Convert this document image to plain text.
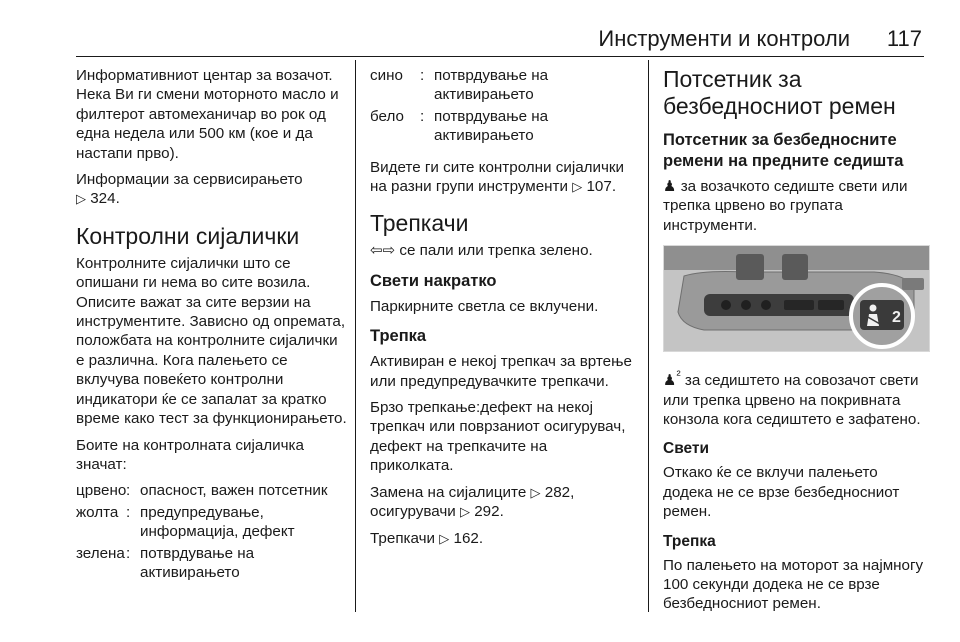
Инструменти и контроли 117

Информативниот центар за возачот. Нека Ви ги смени моторното масло и филтерот автомеханичар во рок од една недела или 500 км (кое и да настапи прво).

Информации за сервисирањето
▷ 324.

Контролни сијалички

Контролните сијалички што се опишани ги нема во сите возила. Описите важат за сите верзии на инструментите. Зависно од опремата, положбата на контролните сијалички е различна. Кога палењето се вклучува повеќето контролни индикатори ќе се запалат за кратко време како тест за функционирањето.

Боите на контролната сијаличка значат:

црвено : опасност, важен потсетник
жолта : предупредување, информација, дефект
зелена : потврдување на активирањето
сино	: потврдување на активирањето
бело	: потврдување на активирањето

Видете ги сите контролни сијалички на разни групи инструменти ▷ 107.

Трепкачи

⇦⇨ се пали или трепка зелено.

Свети накратко

Паркирните светла се вклучени.

Трепка

Активиран е некој трепкач за вртење или предупредувачките трепкачи.

Брзо трепкање:дефект на некој трепкач или поврзаниот осигурувач, дефект на трепкачите на приколката.

Замена на сијалиците ▷ 282,
осигурувачи ▷ 292.

Трепкачи ▷ 162.

Потсетник за безбедносниот ремен
Потсетник за безбедносните ремени на предните седишта

♟ за возачкото седиште свети или трепка црвено во групата инструменти.

2

♟$^{^2}$ за седиштето на совозачот свети или трепка црвено на покривната конзола кога седиштето е зафатено.

Свети

Откако ќе се вклучи палењето додека не се врзе безбедносниот ремен.

Трепка

По палењето на моторот за најмногу 100 секунди додека не се врзе безбедносниот ремен.
